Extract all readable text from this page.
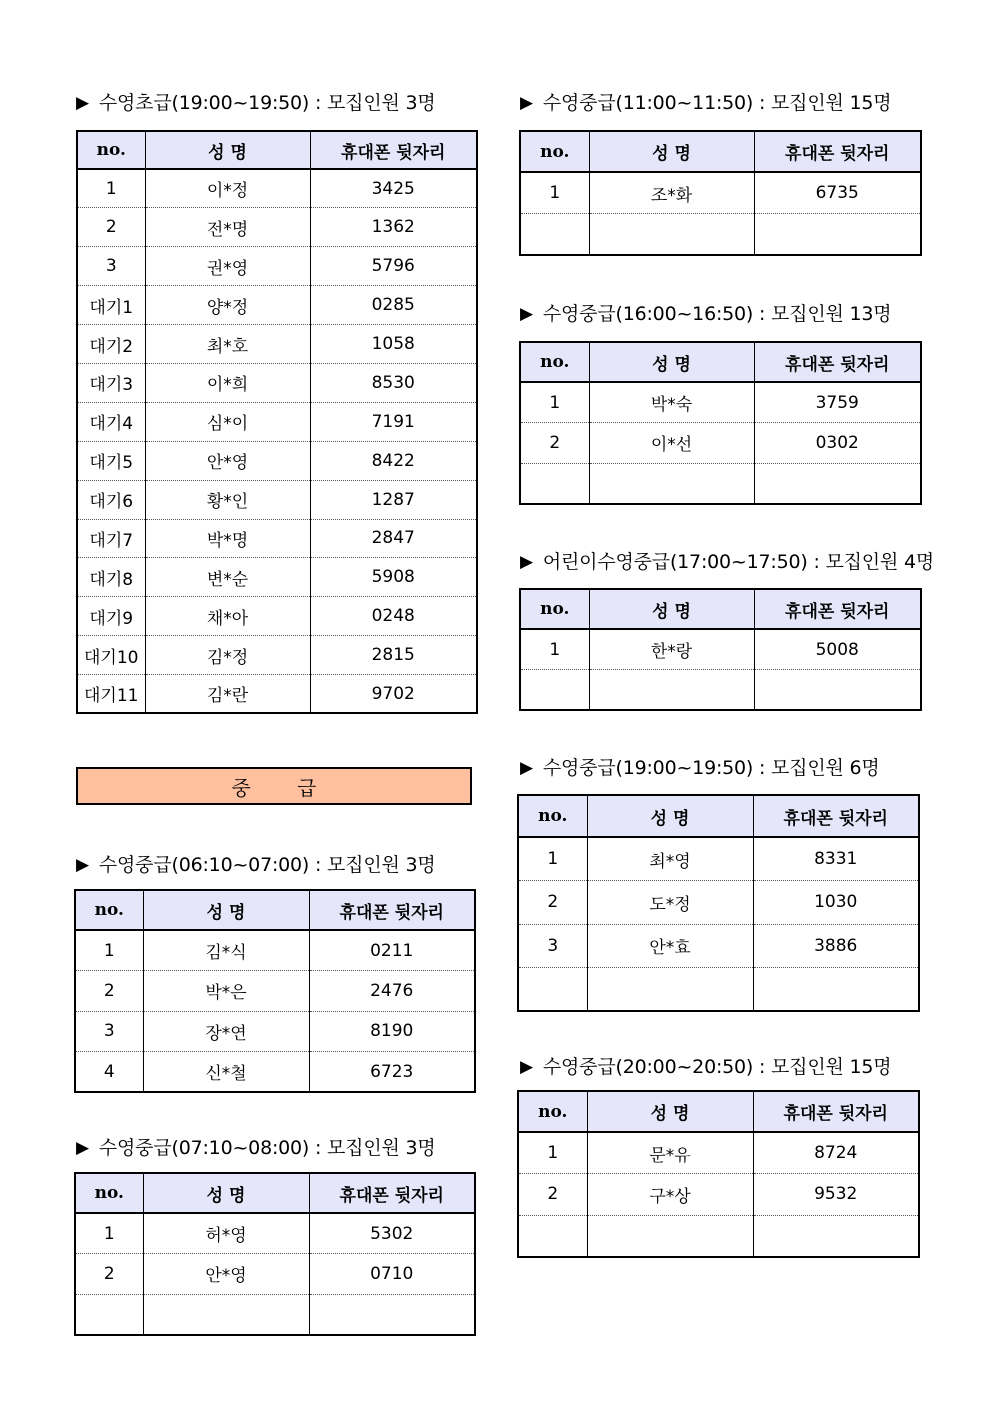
중 급
▶ 수영초급(19:00~19:50) : 모집인원 3명
no.	성 명	휴대폰 뒷자리
1	이*정	3425
2	전*명	1362
3	권*영	5796
대기1	양*정	0285
대기2	최*호	1058
대기3	이*희	8530
대기4	심*이	7191
대기5	안*영	8422
대기6	황*인	1287
대기7	박*명	2847
대기8	변*순	5908
대기9	채*아	0248
대기10	김*정	2815
대기11	김*란	9702
▶ 수영중급(06:10~07:00) : 모집인원 3명
no.	성 명	휴대폰 뒷자리
1	김*식	0211
2	박*은	2476
3	장*연	8190
4	신*철	6723
▶ 수영중급(07:10~08:00) : 모집인원 3명
no.	성 명	휴대폰 뒷자리
1	허*영	5302
2	안*영	0710

▶ 수영중급(11:00~11:50) : 모집인원 15명
no.	성 명	휴대폰 뒷자리
1	조*화	6735

▶ 수영중급(16:00~16:50) : 모집인원 13명
no.	성 명	휴대폰 뒷자리
1	박*숙	3759
2	이*선	0302

▶ 어린이수영중급(17:00~17:50) : 모집인원 4명
no.	성 명	휴대폰 뒷자리
1	한*랑	5008

▶ 수영중급(19:00~19:50) : 모집인원 6명
no.	성 명	휴대폰 뒷자리
1	최*영	8331
2	도*정	1030
3	안*효	3886

▶ 수영중급(20:00~20:50) : 모집인원 15명
no.	성 명	휴대폰 뒷자리
1	문*유	8724
2	구*상	9532
